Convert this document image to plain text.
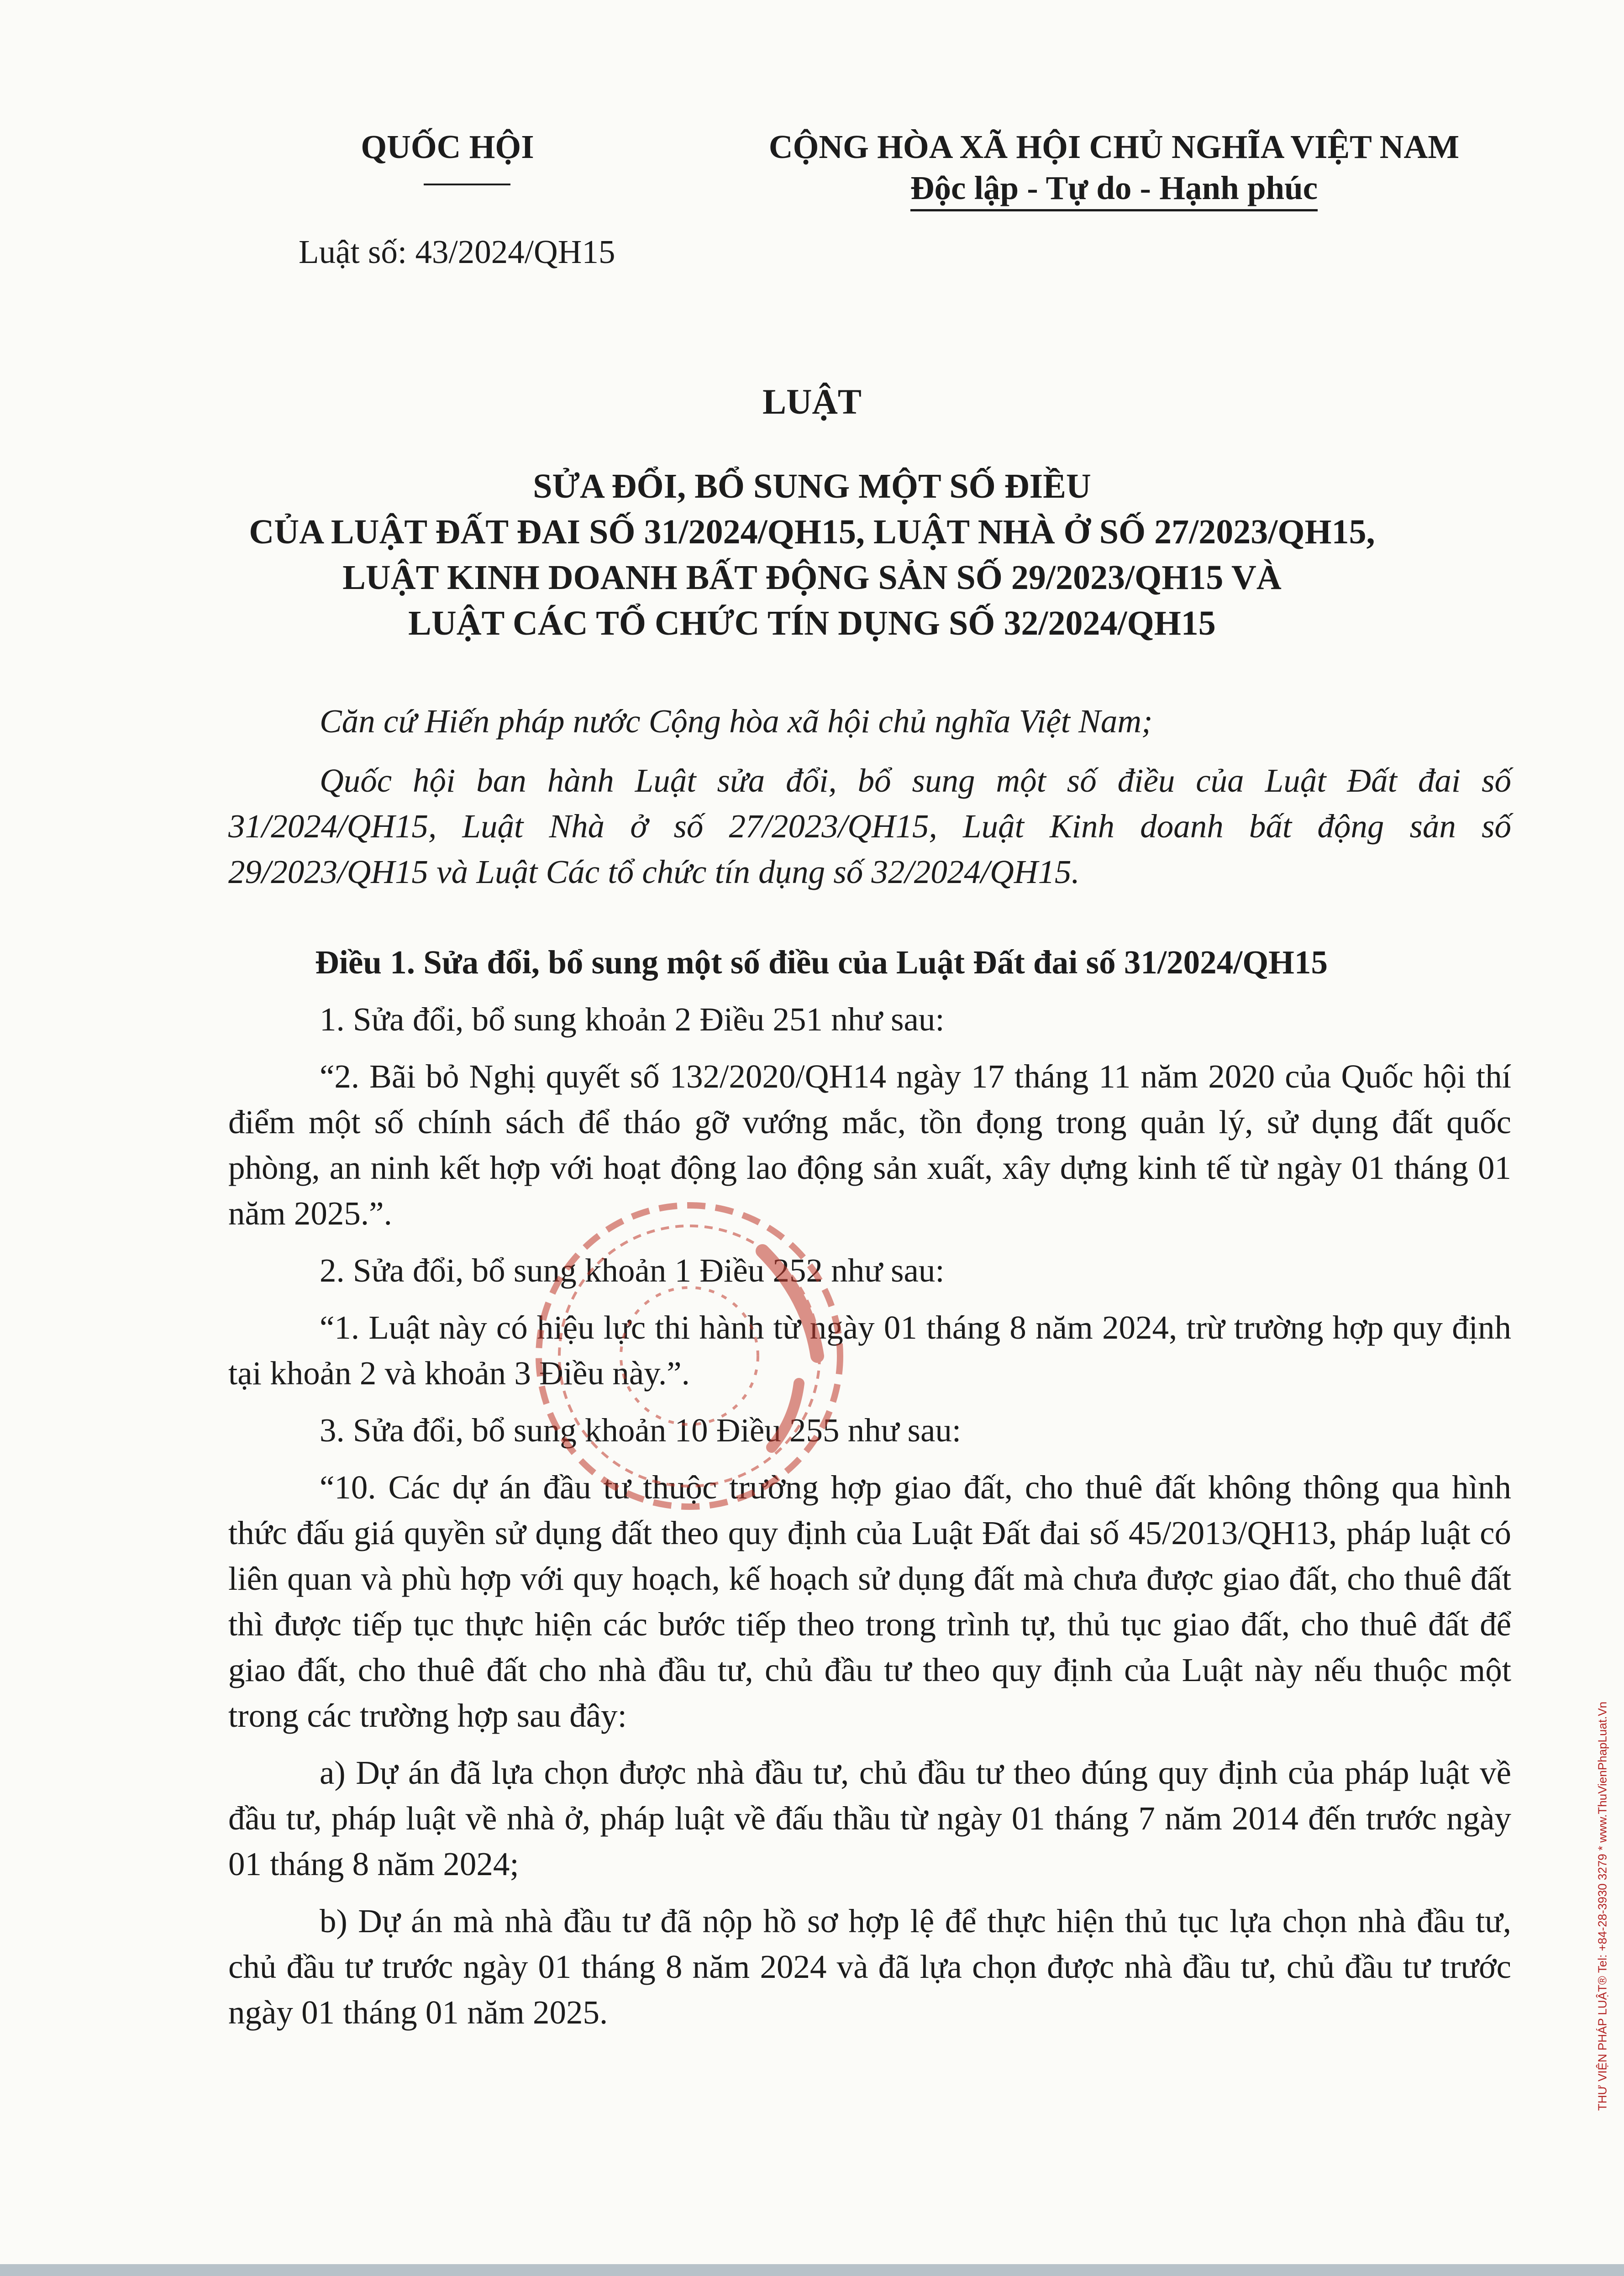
QUỐC HỘI
Luật số: 43/2024/QH15
CỘNG HÒA XÃ HỘI CHỦ NGHĨA VIỆT NAM
Độc lập - Tự do - Hạnh phúc
LUẬT
SỬA ĐỔI, BỔ SUNG MỘT SỐ ĐIỀU
CỦA LUẬT ĐẤT ĐAI SỐ 31/2024/QH15, LUẬT NHÀ Ở SỐ 27/2023/QH15,
LUẬT KINH DOANH BẤT ĐỘNG SẢN SỐ 29/2023/QH15 VÀ
LUẬT CÁC TỔ CHỨC TÍN DỤNG SỐ 32/2024/QH15

Căn cứ Hiến pháp nước Cộng hòa xã hội chủ nghĩa Việt Nam;

Quốc hội ban hành Luật sửa đổi, bổ sung một số điều của Luật Đất đai số 31/2024/QH15, Luật Nhà ở số 27/2023/QH15, Luật Kinh doanh bất động sản số 29/2023/QH15 và Luật Các tổ chức tín dụng số 32/2024/QH15.

Điều 1. Sửa đổi, bổ sung một số điều của Luật Đất đai số 31/2024/QH15

1. Sửa đổi, bổ sung khoản 2 Điều 251 như sau:

“2. Bãi bỏ Nghị quyết số 132/2020/QH14 ngày 17 tháng 11 năm 2020 của Quốc hội thí điểm một số chính sách để tháo gỡ vướng mắc, tồn đọng trong quản lý, sử dụng đất quốc phòng, an ninh kết hợp với hoạt động lao động sản xuất, xây dựng kinh tế từ ngày 01 tháng 01 năm 2025.”.

2. Sửa đổi, bổ sung khoản 1 Điều 252 như sau:

“1. Luật này có hiệu lực thi hành từ ngày 01 tháng 8 năm 2024, trừ trường hợp quy định tại khoản 2 và khoản 3 Điều này.”.

3. Sửa đổi, bổ sung khoản 10 Điều 255 như sau:

“10. Các dự án đầu tư thuộc trường hợp giao đất, cho thuê đất không thông qua hình thức đấu giá quyền sử dụng đất theo quy định của Luật Đất đai số 45/2013/QH13, pháp luật có liên quan và phù hợp với quy hoạch, kế hoạch sử dụng đất mà chưa được giao đất, cho thuê đất thì được tiếp tục thực hiện các bước tiếp theo trong trình tự, thủ tục giao đất, cho thuê đất để giao đất, cho thuê đất cho nhà đầu tư, chủ đầu tư theo quy định của Luật này nếu thuộc một trong các trường hợp sau đây:

a) Dự án đã lựa chọn được nhà đầu tư, chủ đầu tư theo đúng quy định của pháp luật về đầu tư, pháp luật về nhà ở, pháp luật về đấu thầu từ ngày 01 tháng 7 năm 2014 đến trước ngày 01 tháng 8 năm 2024;

b) Dự án mà nhà đầu tư đã nộp hồ sơ hợp lệ để thực hiện thủ tục lựa chọn nhà đầu tư, chủ đầu tư trước ngày 01 tháng 8 năm 2024 và đã lựa chọn được nhà đầu tư, chủ đầu tư trước ngày 01 tháng 01 năm 2025.	THƯ VIỆN PHÁP LUẬT® Tel: +84-28-3930 3279 * www.ThuVienPhapLuat.Vn
